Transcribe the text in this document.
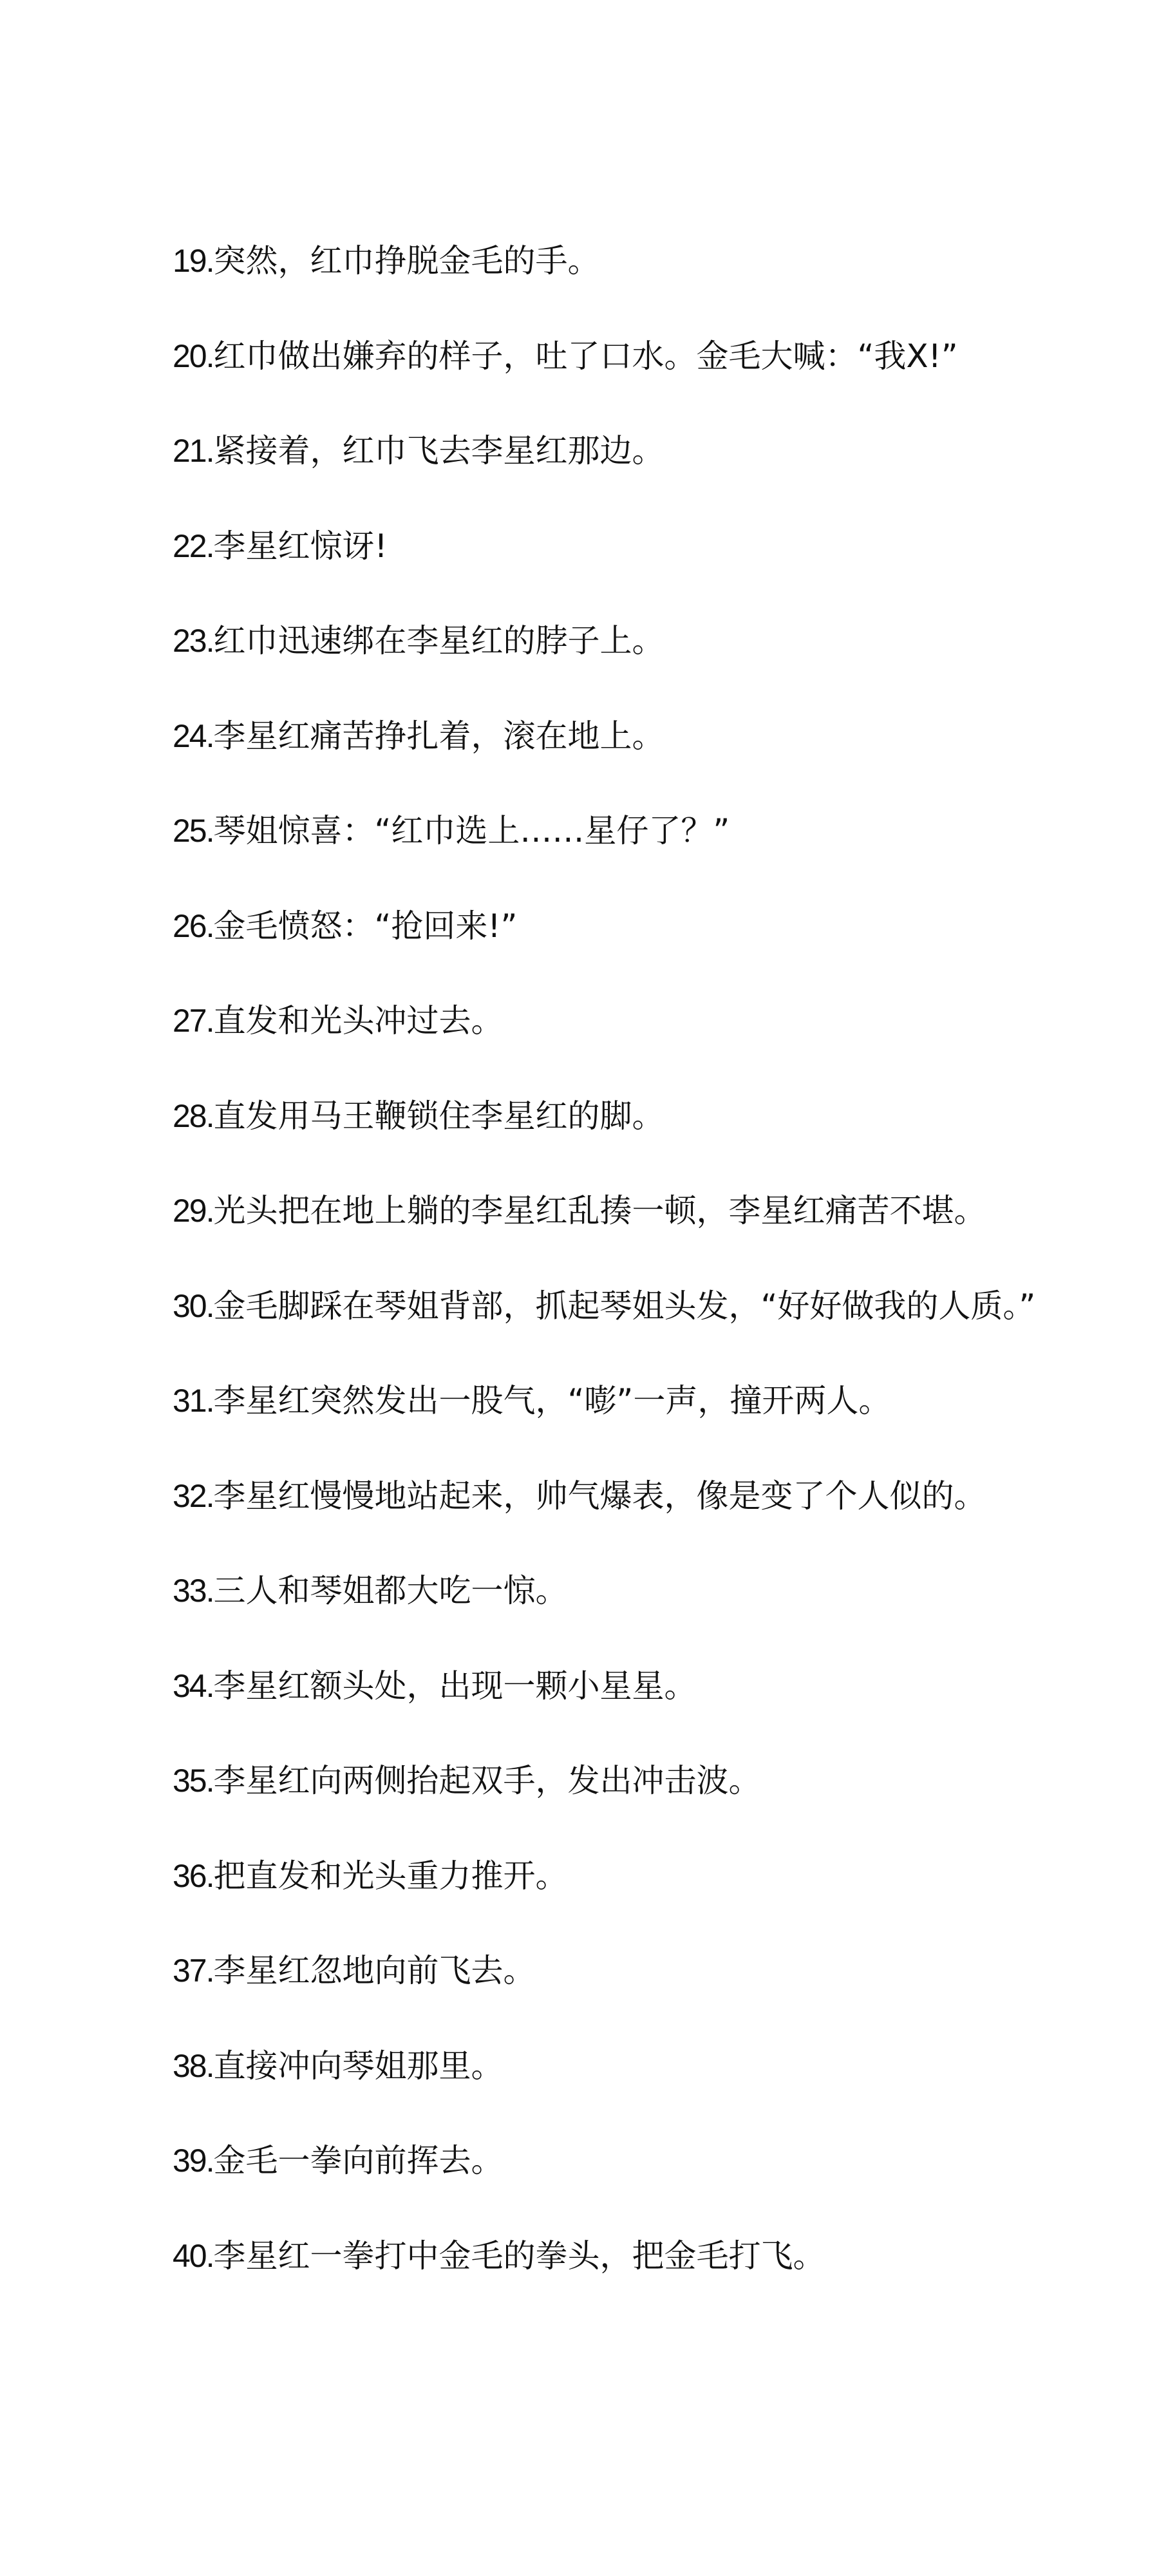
19. 突然，红巾挣脱金毛的手。
20. 红巾做出嫌弃的样子，吐了口水。金毛大喊：“我X!”
21. 紧接着，红巾飞去李星红那边。
22. 李星红惊讶!
23. 红巾迅速绑在李星红的脖子上。
24. 李星红痛苦挣扎着，滚在地上。
25. 琴姐惊喜：“红巾选上……星仔了？”
26. 金毛愤怒：“抢回来!”
27. 直发和光头冲过去。
28. 直发用马王鞭锁住李星红的脚。
29. 光头把在地上躺的李星红乱揍一顿，李星红痛苦不堪。
30. 金毛脚踩在琴姐背部，抓起琴姐头发，“好好做我的人质。”
31. 李星红突然发出一股气，“嘭”一声，撞开两人。
32. 李星红慢慢地站起来，帅气爆表，像是变了个人似的。
33. 三人和琴姐都大吃一惊。
34. 李星红额头处，出现一颗小星星。
35. 李星红向两侧抬起双手，发出冲击波。
36. 把直发和光头重力推开。
37. 李星红忽地向前飞去。
38. 直接冲向琴姐那里。
39. 金毛一拳向前挥去。
40. 李星红一拳打中金毛的拳头，把金毛打飞。
